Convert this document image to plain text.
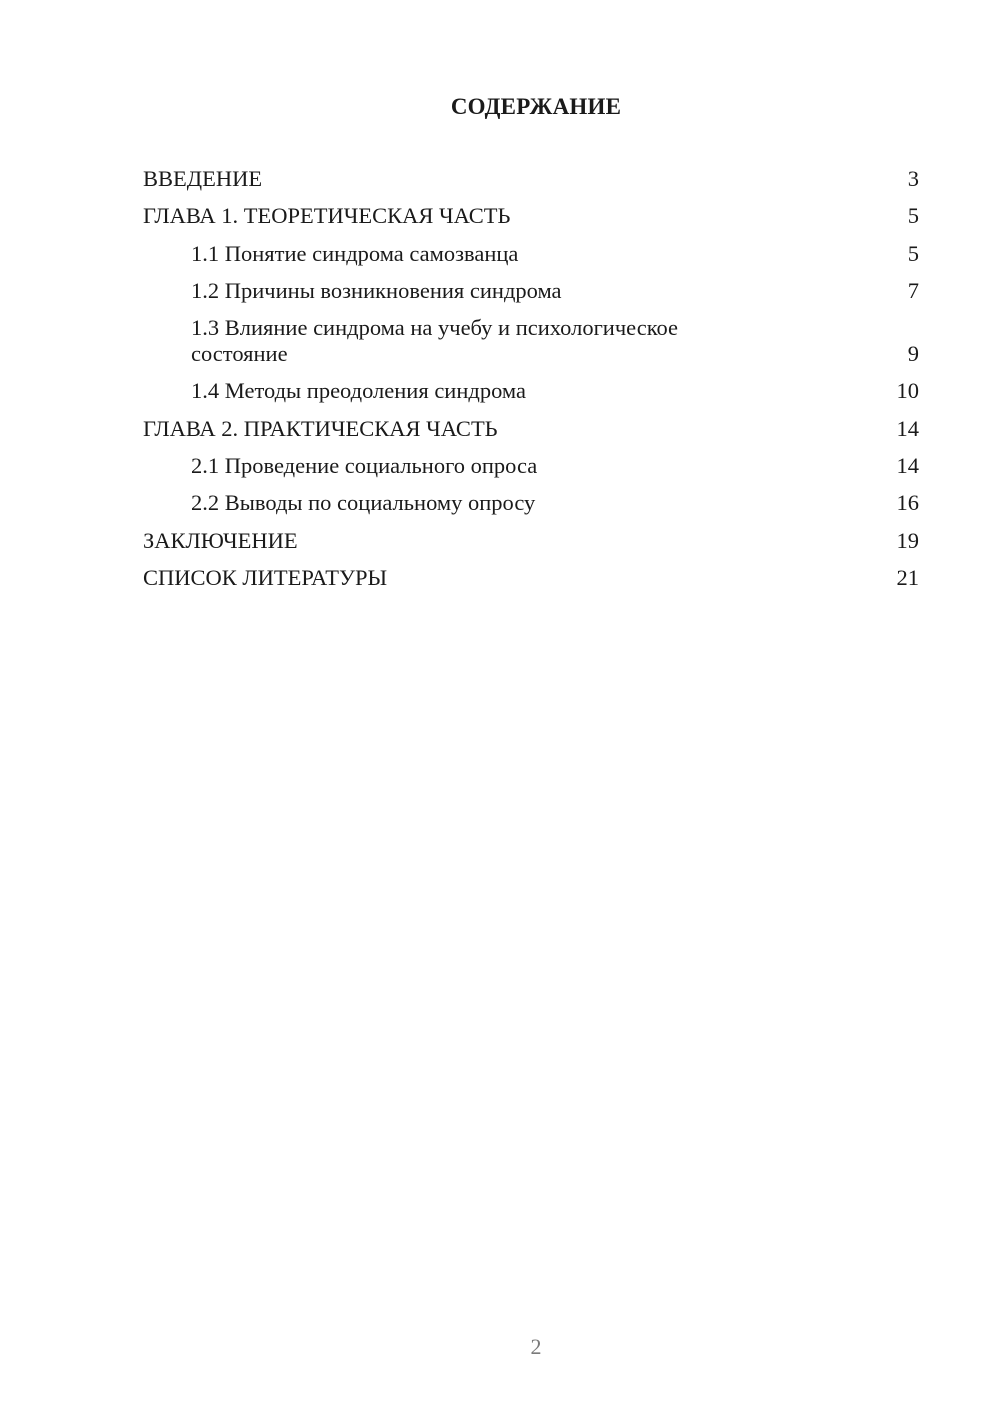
СОДЕРЖАНИЕ
ВВЕДЕНИЕ	3
ГЛАВА 1. ТЕОРЕТИЧЕСКАЯ ЧАСТЬ	5
1.1 Понятие синдрома самозванца	5
1.2 Причины возникновения синдрома	7
1.3 Влияние синдрома на учебу и психологическое состояние	9
1.4 Методы преодоления синдрома	10
ГЛАВА 2. ПРАКТИЧЕСКАЯ ЧАСТЬ	14
2.1 Проведение социального опроса	14
2.2 Выводы по социальному опросу	16
ЗАКЛЮЧЕНИЕ	19
СПИСОК ЛИТЕРАТУРЫ	21
2
